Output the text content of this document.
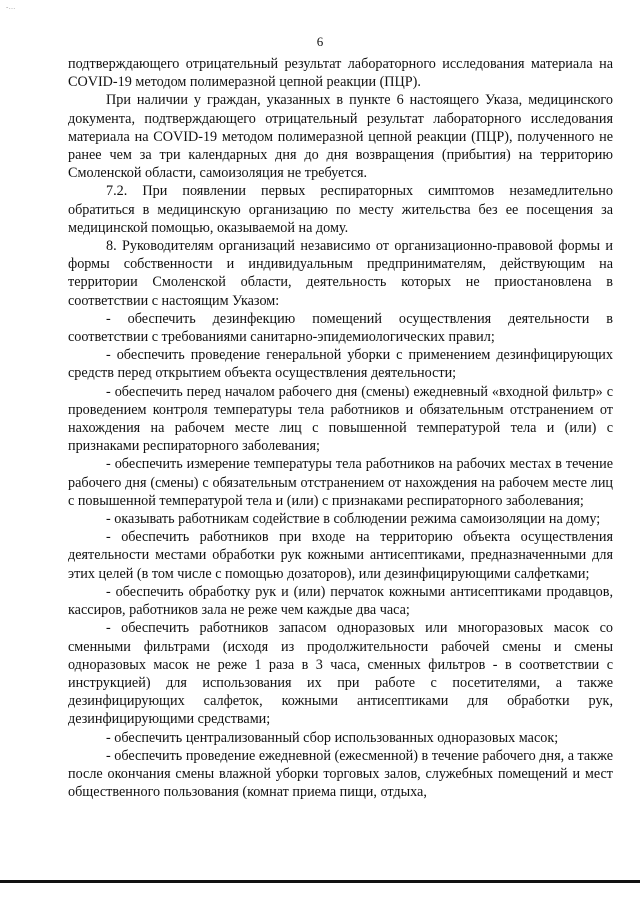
-...
6

подтверждающего отрицательный результат лабораторного исследования материала на COVID-19 методом полимеразной цепной реакции (ПЦР).

При наличии у граждан, указанных в пункте 6 настоящего Указа, медицинского документа, подтверждающего отрицательный результат лабораторного исследования материала на COVID-19 методом полимеразной цепной реакции (ПЦР), полученного не ранее чем за три календарных дня до дня возвращения (прибытия) на территорию Смоленской области, самоизоляция не требуется.

7.2. При появлении первых респираторных симптомов незамедлительно обратиться в медицинскую организацию по месту жительства без ее посещения за медицинской помощью, оказываемой на дому.

8. Руководителям организаций независимо от организационно-правовой формы и формы собственности и индивидуальным предпринимателям, действующим на территории Смоленской области, деятельность которых не приостановлена в соответствии с настоящим Указом:

- обеспечить дезинфекцию помещений осуществления деятельности в соответствии с требованиями санитарно-эпидемиологических правил;

- обеспечить проведение генеральной уборки с применением дезинфицирующих средств перед открытием объекта осуществления деятельности;

- обеспечить перед началом рабочего дня (смены) ежедневный «входной фильтр» с проведением контроля температуры тела работников и обязательным отстранением от нахождения на рабочем месте лиц с повышенной температурой тела и (или) с признаками респираторного заболевания;

- обеспечить измерение температуры тела работников на рабочих местах в течение рабочего дня (смены) с обязательным отстранением от нахождения на рабочем месте лиц с повышенной температурой тела и (или) с признаками респираторного заболевания;

- оказывать работникам содействие в соблюдении режима самоизоляции на дому;

- обеспечить работников при входе на территорию объекта осуществления деятельности местами обработки рук кожными антисептиками, предназначенными для этих целей (в том числе с помощью дозаторов), или дезинфицирующими салфетками;

- обеспечить обработку рук и (или) перчаток кожными антисептиками продавцов, кассиров, работников зала не реже чем каждые два часа;

- обеспечить работников запасом одноразовых или многоразовых масок со сменными фильтрами (исходя из продолжительности рабочей смены и смены одноразовых масок не реже 1 раза в 3 часа, сменных фильтров - в соответствии с инструкцией) для использования их при работе с посетителями, а также дезинфицирующих салфеток, кожными антисептиками для обработки рук, дезинфицирующими средствами;

- обеспечить централизованный сбор использованных одноразовых масок;

- обеспечить проведение ежедневной (ежесменной) в течение рабочего дня, а также после окончания смены влажной уборки торговых залов, служебных помещений и мест общественного пользования (комнат приема пищи, отдыха,
